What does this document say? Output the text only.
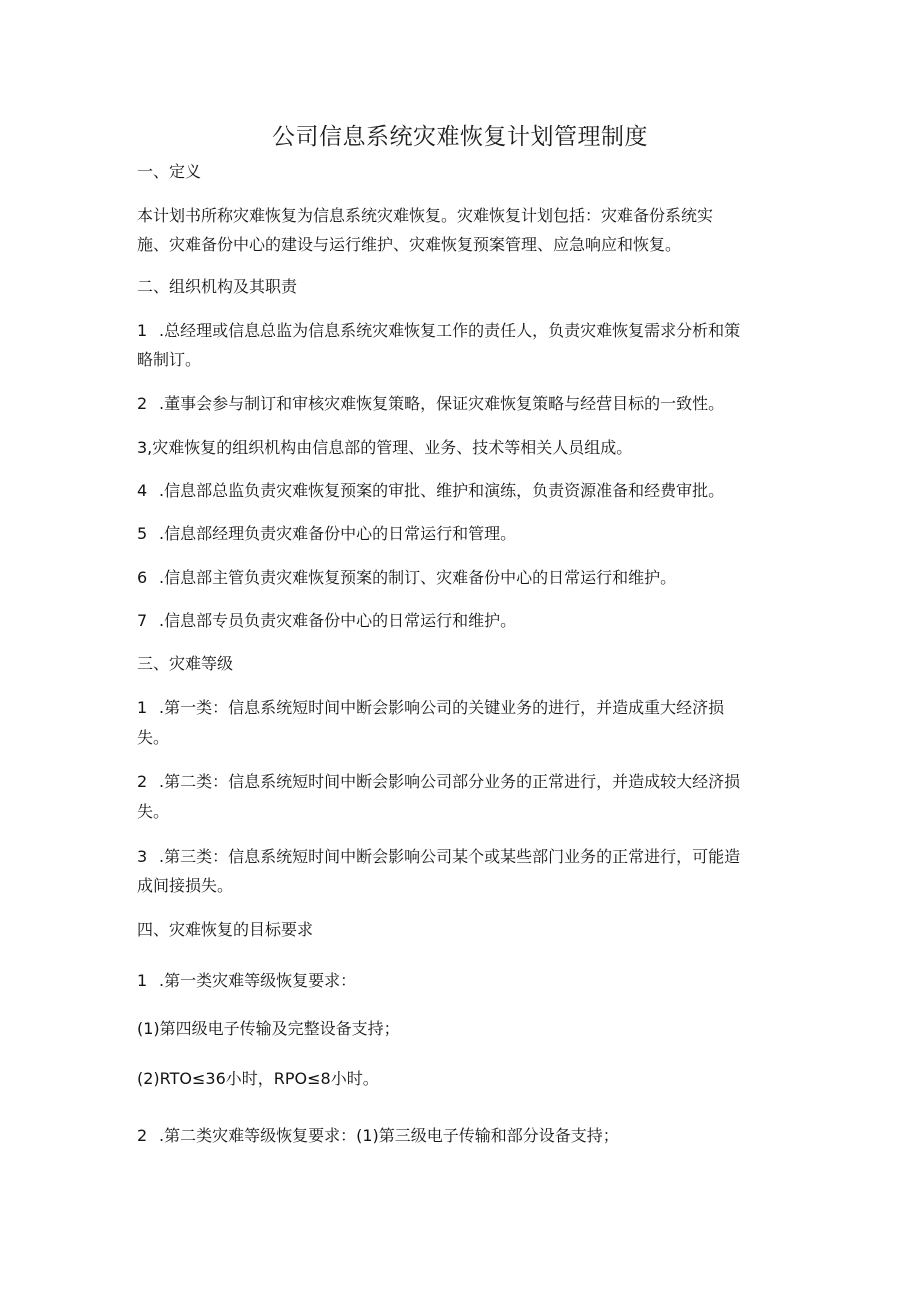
公司信息系统灾难恢复计划管理制度
一、定义
本计划书所称灾难恢复为信息系统灾难恢复。灾难恢复计划包括：灾难备份系统实
施、灾难备份中心的建设与运行维护、灾难恢复预案管理、应急响应和恢复。
二、组织机构及其职责
1 .总经理或信息总监为信息系统灾难恢复工作的责任人，负责灾难恢复需求分析和策
略制订。
2 .董事会参与制订和审核灾难恢复策略，保证灾难恢复策略与经营目标的一致性。
3,灾难恢复的组织机构由信息部的管理、业务、技术等相关人员组成。
4 .信息部总监负责灾难恢复预案的审批、维护和演练，负责资源准备和经费审批。
5 .信息部经理负责灾难备份中心的日常运行和管理。
6 .信息部主管负责灾难恢复预案的制订、灾难备份中心的日常运行和维护。
7 .信息部专员负责灾难备份中心的日常运行和维护。
三、灾难等级
1 .第一类：信息系统短时间中断会影响公司的关键业务的进行，并造成重大经济损
失。
2 .第二类：信息系统短时间中断会影响公司部分业务的正常进行，并造成较大经济损
失。
3 .第三类：信息系统短时间中断会影响公司某个或某些部门业务的正常进行，可能造
成间接损失。
四、灾难恢复的目标要求
1 .第一类灾难等级恢复要求：
(1)第四级电子传输及完整设备支持；
(2)RTO≤36小时，RPO≤8小时。
2 .第二类灾难等级恢复要求：(1)第三级电子传输和部分设备支持；
